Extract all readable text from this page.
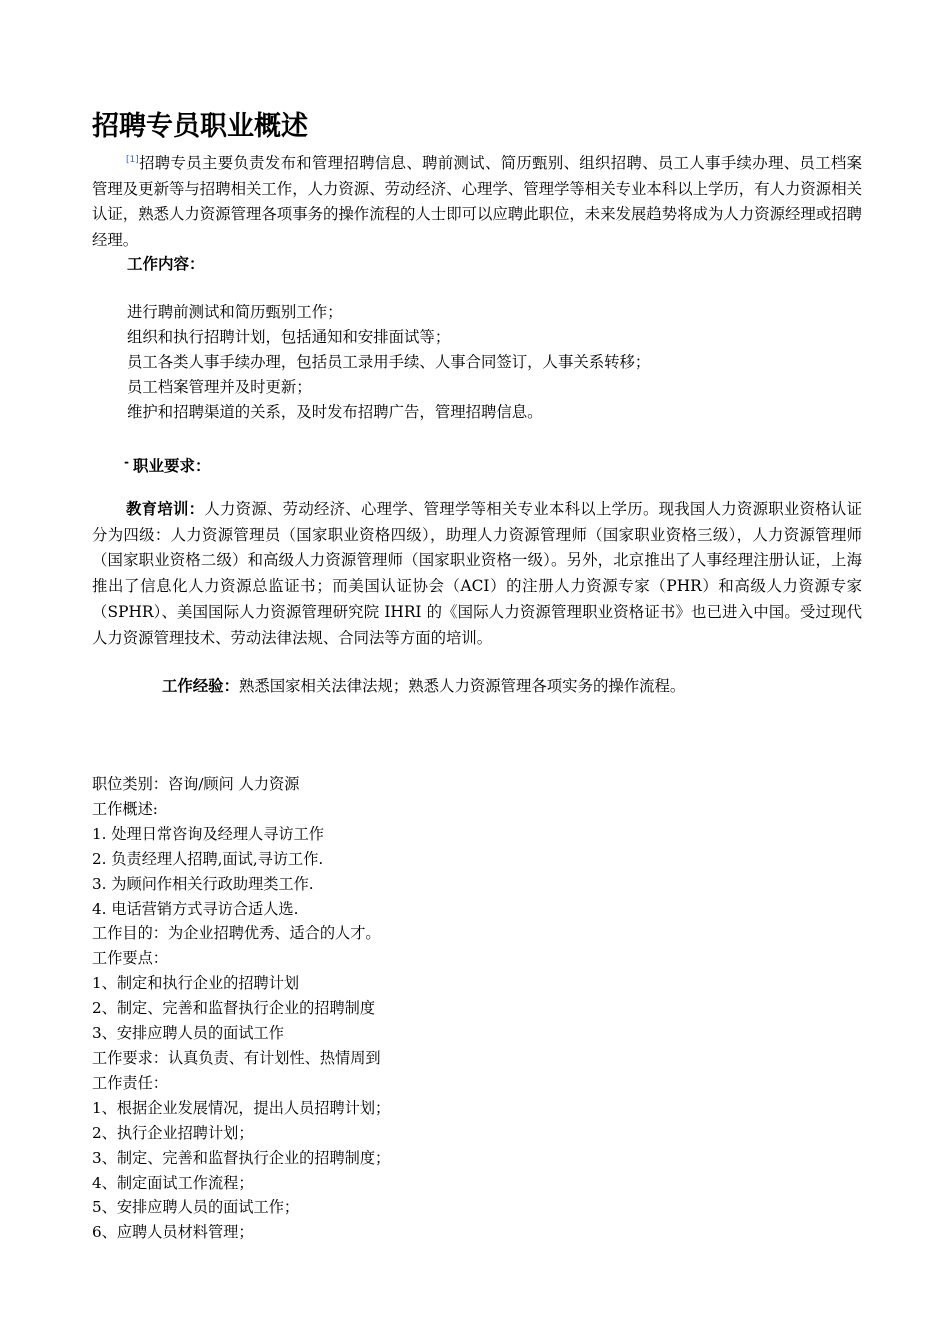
招聘专员职业概述

[1]招聘专员主要负责发布和管理招聘信息、聘前测试、简历甄别、组织招聘、员工人事手续办理、员工档案管理及更新等与招聘相关工作，人力资源、劳动经济、心理学、管理学等相关专业本科以上学历，有人力资源相关认证，熟悉人力资源管理各项事务的操作流程的人士即可以应聘此职位，未来发展趋势将成为人力资源经理或招聘经理。

工作内容：
进行聘前测试和简历甄别工作；
组织和执行招聘计划，包括通知和安排面试等；
员工各类人事手续办理，包括员工录用手续、人事合同签订，人事关系转移；
员工档案管理并及时更新；
维护和招聘渠道的关系，及时发布招聘广告，管理招聘信息。
- 职业要求：

教育培训：人力资源、劳动经济、心理学、管理学等相关专业本科以上学历。现我国人力资源职业资格认证分为四级：人力资源管理员（国家职业资格四级），助理人力资源管理师（国家职业资格三级），人力资源管理师（国家职业资格二级）和高级人力资源管理师（国家职业资格一级）。另外，北京推出了人事经理注册认证，上海推出了信息化人力资源总监证书；而美国认证协会（ACI）的注册人力资源专家（PHR）和高级人力资源专家（SPHR）、美国国际人力资源管理研究院 IHRI 的《国际人力资源管理职业资格证书》也已进入中国。受过现代人力资源管理技术、劳动法律法规、合同法等方面的培训。

工作经验：熟悉国家相关法律法规；熟悉人力资源管理各项实务的操作流程。

职位类别：咨询/顾问 人力资源
工作概述:
1. 处理日常咨询及经理人寻访工作
2. 负责经理人招聘,面试,寻访工作.
3. 为顾问作相关行政助理类工作.
4. 电话营销方式寻访合适人选.
工作目的：为企业招聘优秀、适合的人才。
工作要点：
1、制定和执行企业的招聘计划
2、制定、完善和监督执行企业的招聘制度
3、安排应聘人员的面试工作
工作要求：认真负责、有计划性、热情周到
工作责任：
1、根据企业发展情况，提出人员招聘计划；
2、执行企业招聘计划；
3、制定、完善和监督执行企业的招聘制度；
4、制定面试工作流程；
5、安排应聘人员的面试工作；
6、应聘人员材料管理；
